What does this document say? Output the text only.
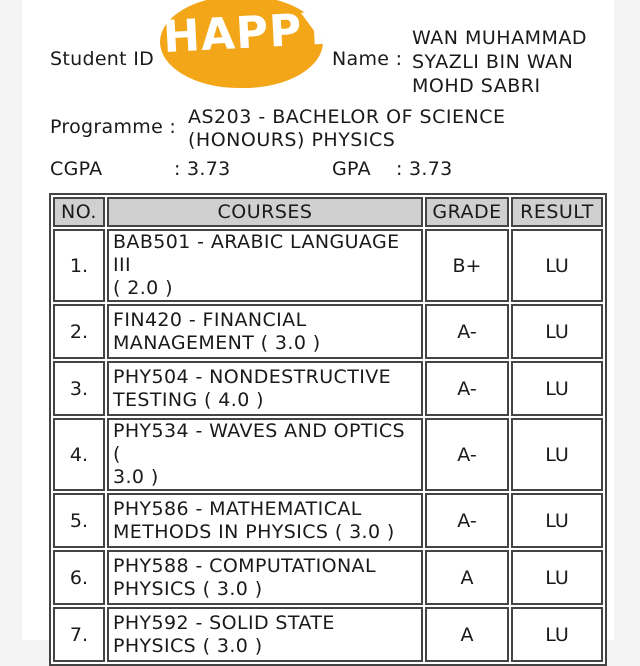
Student ID HAPPY
Name :
WAN MUHAMMAD
SYAZLI BIN WAN
MOHD SABRI
Programme : AS203 - BACHELOR OF SCIENCE
(HONOURS) PHYSICS
CGPA	: 3.73	GPA : 3.73
NO.	COURSES	GRADE	RESULT
1.	BAB501 - ARABIC LANGUAGE III
( 2.0 )	B+	LU
2.	FIN420 - FINANCIAL
MANAGEMENT ( 3.0 )	A-	LU
3.	PHY504 - NONDESTRUCTIVE
TESTING ( 4.0 )	A-	LU
4.	PHY534 - WAVES AND OPTICS (
3.0 )	A-	LU
5.	PHY586 - MATHEMATICAL
METHODS IN PHYSICS ( 3.0 )	A-	LU
6.	PHY588 - COMPUTATIONAL
PHYSICS ( 3.0 )	A	LU
7.	PHY592 - SOLID STATE
PHYSICS ( 3.0 )	A	LU
